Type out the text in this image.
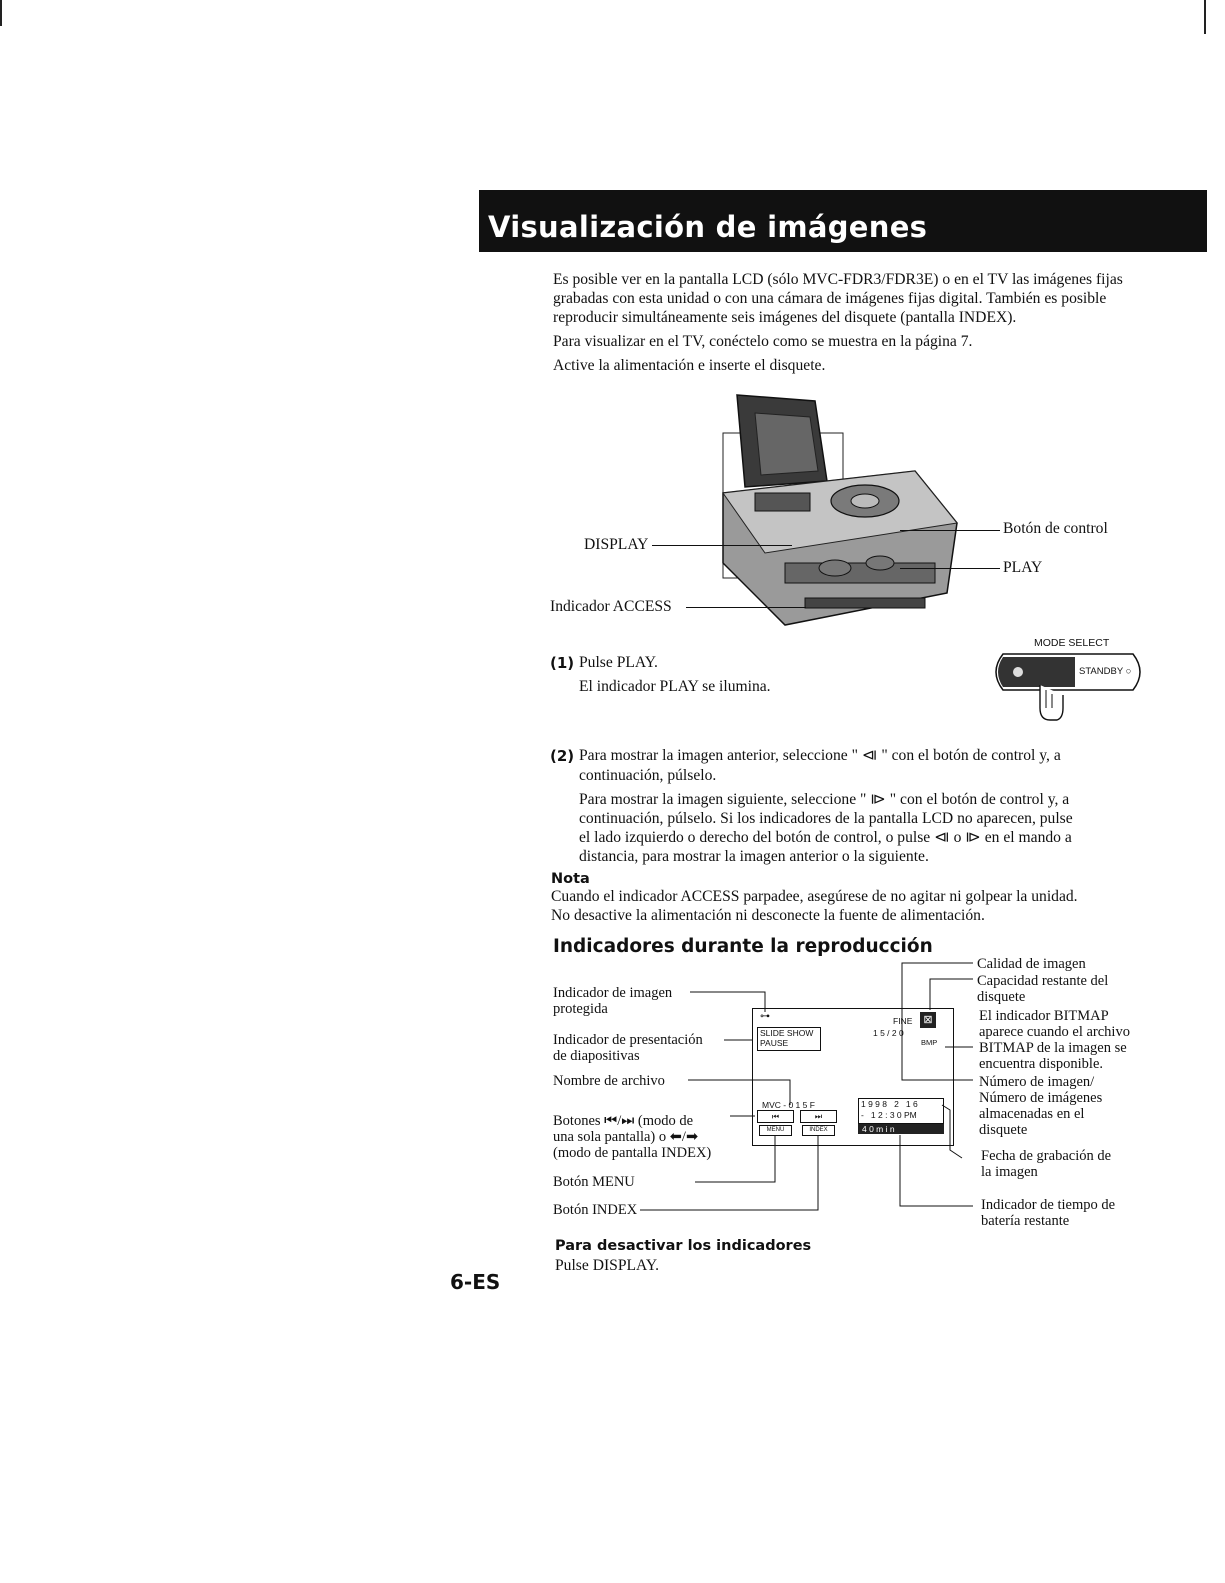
Visualización de imágenes

Es posible ver en la pantalla LCD (sólo MVC-FDR3/FDR3E) o en el TV las imágenes fijas grabadas con esta unidad o con una cámara de imágenes fijas digital. También es posible reproducir simultáneamente seis imágenes del disquete (pantalla INDEX).

Para visualizar en el TV, conéctelo como se muestra en la página 7.

Active la alimentación e inserte el disquete.

DISPLAY
Indicador ACCESS
Botón de control
PLAY
MODE SELECT
STANDBY ○
(1) Pulse PLAY.
El indicador PLAY se ilumina.
(2) Para mostrar la imagen anterior, seleccione " ⧏ " con el botón de control y, a
continuación, púlselo.
Para mostrar la imagen siguiente, seleccione " ⧐ " con el botón de control y, a
continuación, púlselo. Si los indicadores de la pantalla LCD no aparecen, pulse
el lado izquierdo o derecho del botón de control, o pulse ⧏ o ⧐ en el mando a
distancia, para mostrar la imagen anterior o la siguiente.
Nota
Cuando el indicador ACCESS parpadee, asegúrese de no agitar ni golpear la unidad.
No desactive la alimentación ni desconecte la fuente de alimentación.
Indicadores durante la reproducción
⊶
SLIDE SHOW
PAUSE
FINE	⊠
1 5 / 2 0
BMP
MVC - 0 1 5 F
⏮	⏭
MENU	INDEX
1 9 9 8   2   1 6
-   1 2 : 3 0 PM
4 0 m i n
Indicador de imagen
protegida
Indicador de presentación
de diapositivas
Nombre de archivo
Botones ⏮/⏭ (modo de
una sola pantalla) o ⬅/➡
(modo de pantalla INDEX)
Botón MENU
Botón INDEX
Calidad de imagen
Capacidad restante del
disquete
El indicador BITMAP
aparece cuando el archivo
BITMAP de la imagen se
encuentra disponible.
Número de imagen/
Número de imágenes
almacenadas en el
disquete
Fecha de grabación de
la imagen
Indicador de tiempo de
batería restante
Para desactivar los indicadores
Pulse DISPLAY.
6-ES
